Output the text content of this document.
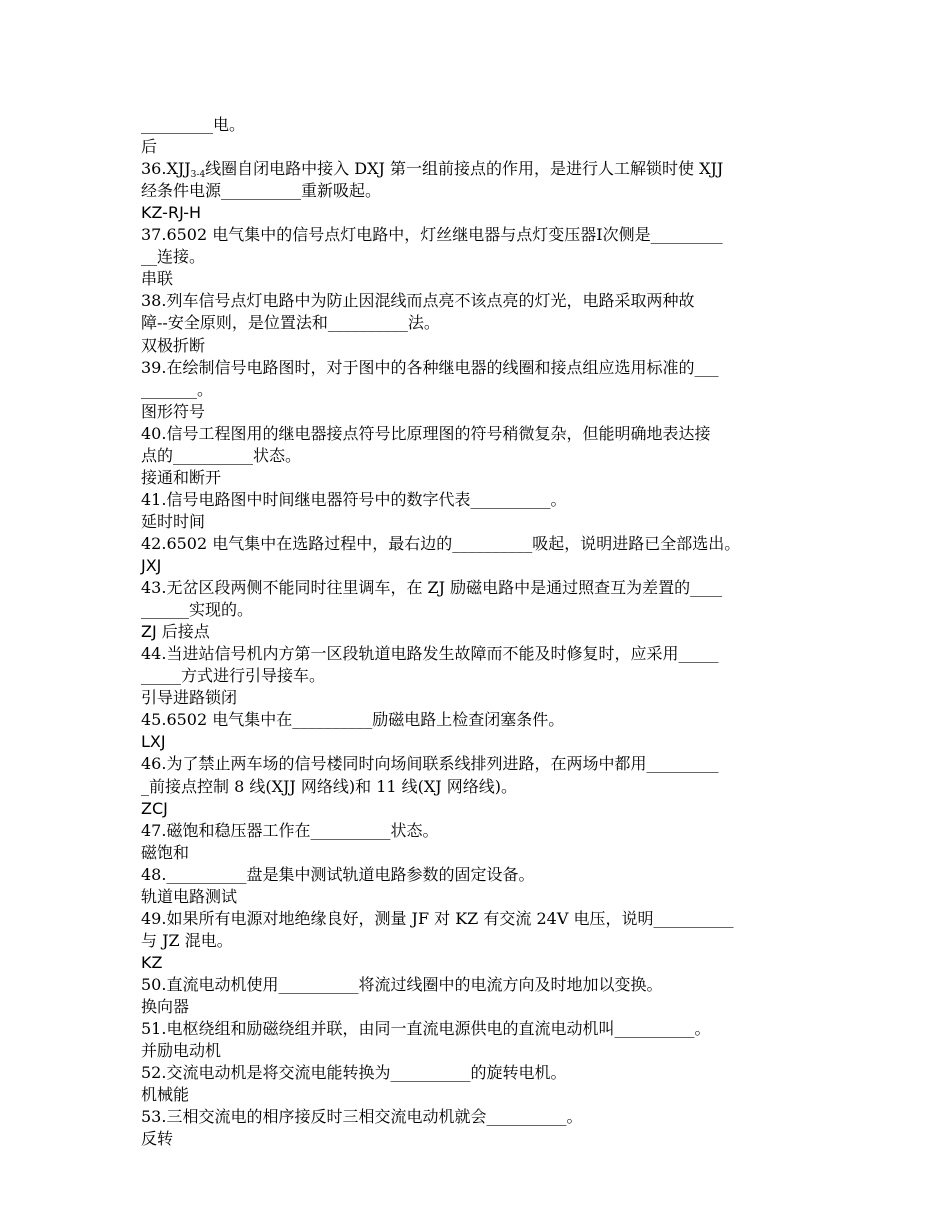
_________电。
后
$36.XJJ_{3-4}$线圈自闭电路中接入 DXJ 第一组前接点的作用，是进行人工解锁时使 XJJ
经条件电源__________重新吸起。
KZ-RJ-H
37.6502 电气集中的信号点灯电路中，灯丝继电器与点灯变压器Ⅰ次侧是_________
__连接。
串联
38.列车信号点灯电路中为防止因混线而点亮不该点亮的灯光，电路采取两种故
障--安全原则，是位置法和__________法。
双极折断
39.在绘制信号电路图时，对于图中的各种继电器的线圈和接点组应选用标准的___
_______。
图形符号
40.信号工程图用的继电器接点符号比原理图的符号稍微复杂，但能明确地表达接
点的__________状态。
接通和断开
41.信号电路图中时间继电器符号中的数字代表__________。
延时时间
42.6502 电气集中在选路过程中，最右边的__________吸起，说明进路已全部选出。
JXJ
43.无岔区段两侧不能同时往里调车，在 ZJ 励磁电路中是通过照查互为差置的____
______实现的。
ZJ 后接点
44.当进站信号机内方第一区段轨道电路发生故障而不能及时修复时，应采用_____
_____方式进行引导接车。
引导进路锁闭
45.6502 电气集中在__________励磁电路上检查闭塞条件。
LXJ
46.为了禁止两车场的信号楼同时向场间联系线排列进路，在两场中都用_________
_前接点控制 8 线(XJJ 网络线)和 11 线(XJ 网络线)。
ZCJ
47.磁饱和稳压器工作在__________状态。
磁饱和
48.__________盘是集中测试轨道电路参数的固定设备。
轨道电路测试
49.如果所有电源对地绝缘良好，测量 JF 对 KZ 有交流 24V 电压，说明__________
与 JZ 混电。
KZ
50.直流电动机使用__________将流过线圈中的电流方向及时地加以变换。
换向器
51.电枢绕组和励磁绕组并联，由同一直流电源供电的直流电动机叫__________。
并励电动机
52.交流电动机是将交流电能转换为__________的旋转电机。
机械能
53.三相交流电的相序接反时三相交流电动机就会__________。
反转
